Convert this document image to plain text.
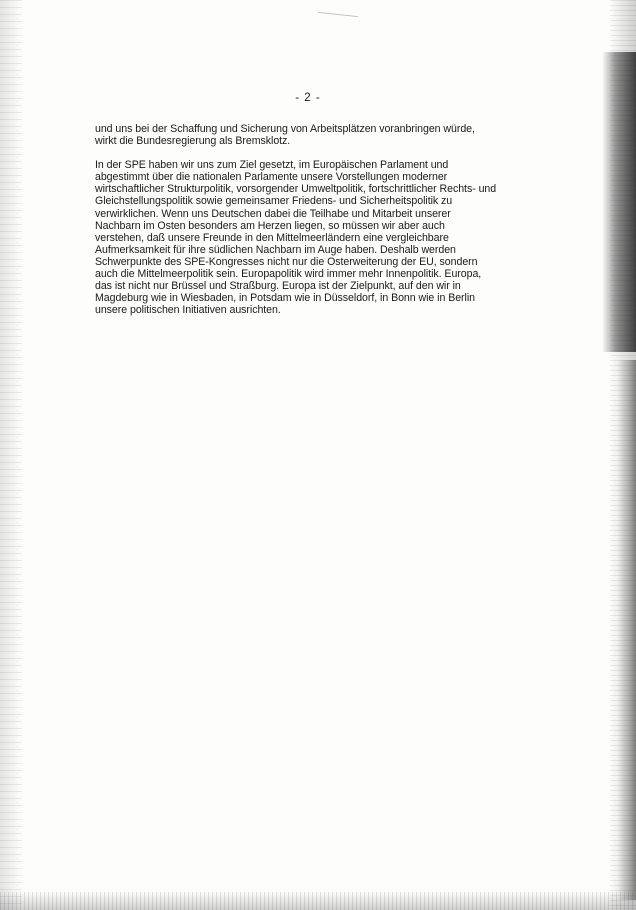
- 2 -

und uns bei der Schaffung und Sicherung von Arbeitsplätzen voranbringen würde,
wirkt die Bundesregierung als Bremsklotz.

In der SPE haben wir uns zum Ziel gesetzt, im Europäischen Parlament und
abgestimmt über die nationalen Parlamente unsere Vorstellungen moderner
wirtschaftlicher Strukturpolitik, vorsorgender Umweltpolitik, fortschrittlicher Rechts- und
Gleichstellungspolitik sowie gemeinsamer Friedens- und Sicherheitspolitik zu
verwirklichen. Wenn uns Deutschen dabei die Teilhabe und Mitarbeit unserer
Nachbarn im Osten besonders am Herzen liegen, so müssen wir aber auch
verstehen, daß unsere Freunde in den Mittelmeerländern eine vergleichbare
Aufmerksamkeit für ihre südlichen Nachbarn im Auge haben. Deshalb werden
Schwerpunkte des SPE-Kongresses nicht nur die Osterweiterung der EU, sondern
auch die Mittelmeerpolitik sein. Europapolitik wird immer mehr Innenpolitik. Europa,
das ist nicht nur Brüssel und Straßburg. Europa ist der Zielpunkt, auf den wir in
Magdeburg wie in Wiesbaden, in Potsdam wie in Düsseldorf, in Bonn wie in Berlin
unsere politischen Initiativen ausrichten.
